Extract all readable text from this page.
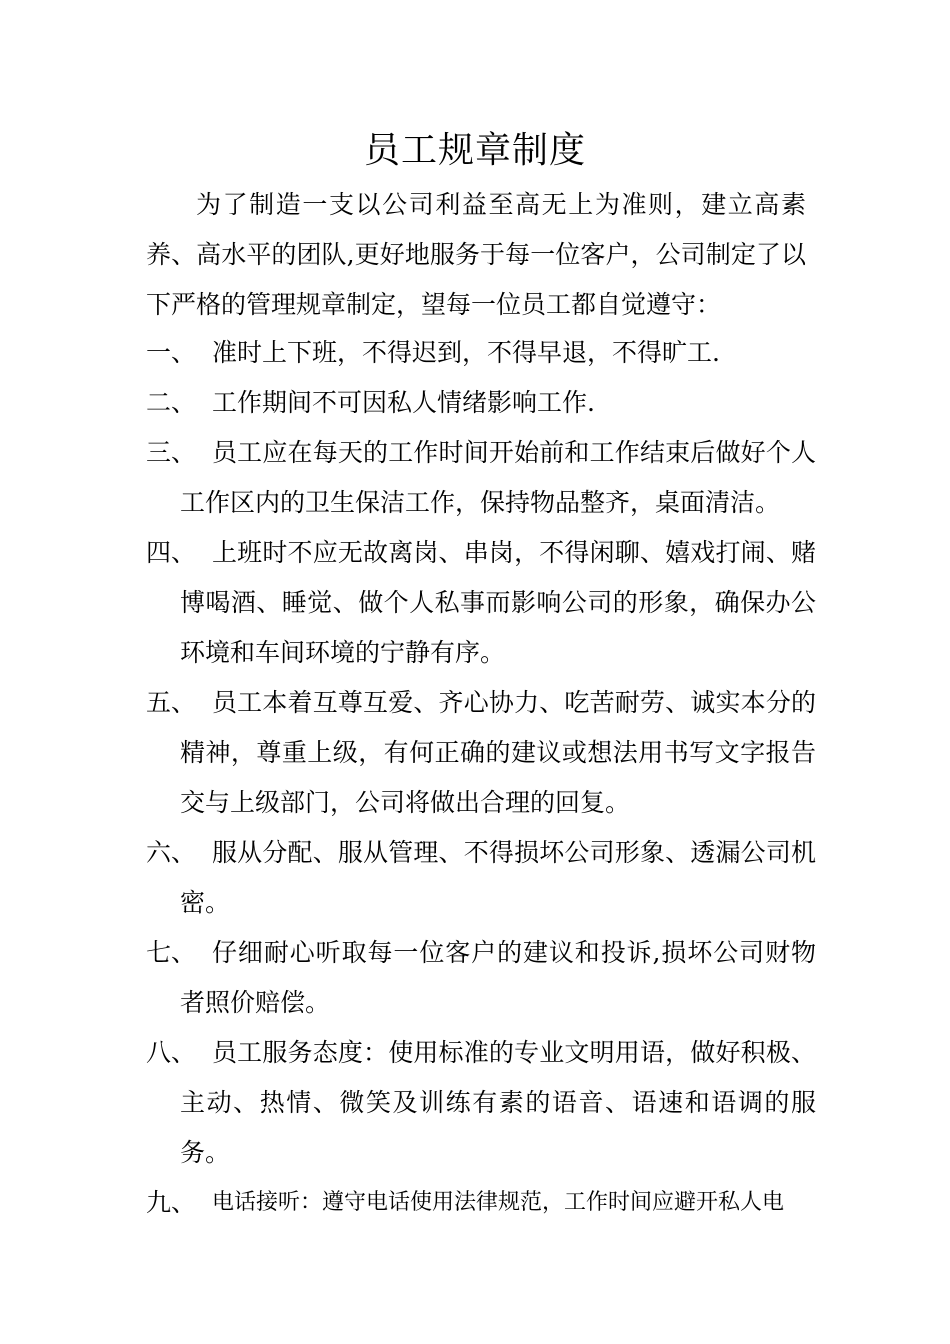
员工规章制度

为了制造一支以公司利益至高无上为准则，建立高素养、高水平的团队,更好地服务于每一位客户，公司制定了以下严格的管理规章制定，望每一位员工都自觉遵守：

一、 准时上下班，不得迟到，不得早退，不得旷工.
二、 工作期间不可因私人情绪影响工作.
三、 员工应在每天的工作时间开始前和工作结束后做好个人工作区内的卫生保洁工作，保持物品整齐，桌面清洁。
四、 上班时不应无故离岗、串岗，不得闲聊、嬉戏打闹、赌博喝酒、睡觉、做个人私事而影响公司的形象，确保办公环境和车间环境的宁静有序。
五、 员工本着互尊互爱、齐心协力、吃苦耐劳、诚实本分的精神，尊重上级，有何正确的建议或想法用书写文字报告交与上级部门，公司将做出合理的回复。
六、 服从分配、服从管理、不得损坏公司形象、透漏公司机密。
七、 仔细耐心听取每一位客户的建议和投诉,损坏公司财物者照价赔偿。
八、 员工服务态度：使用标准的专业文明用语，做好积极、主动、热情、微笑及训练有素的语音、语速和语调的服务。
九、 电话接听：遵守电话使用法律规范，工作时间应避开私人电
